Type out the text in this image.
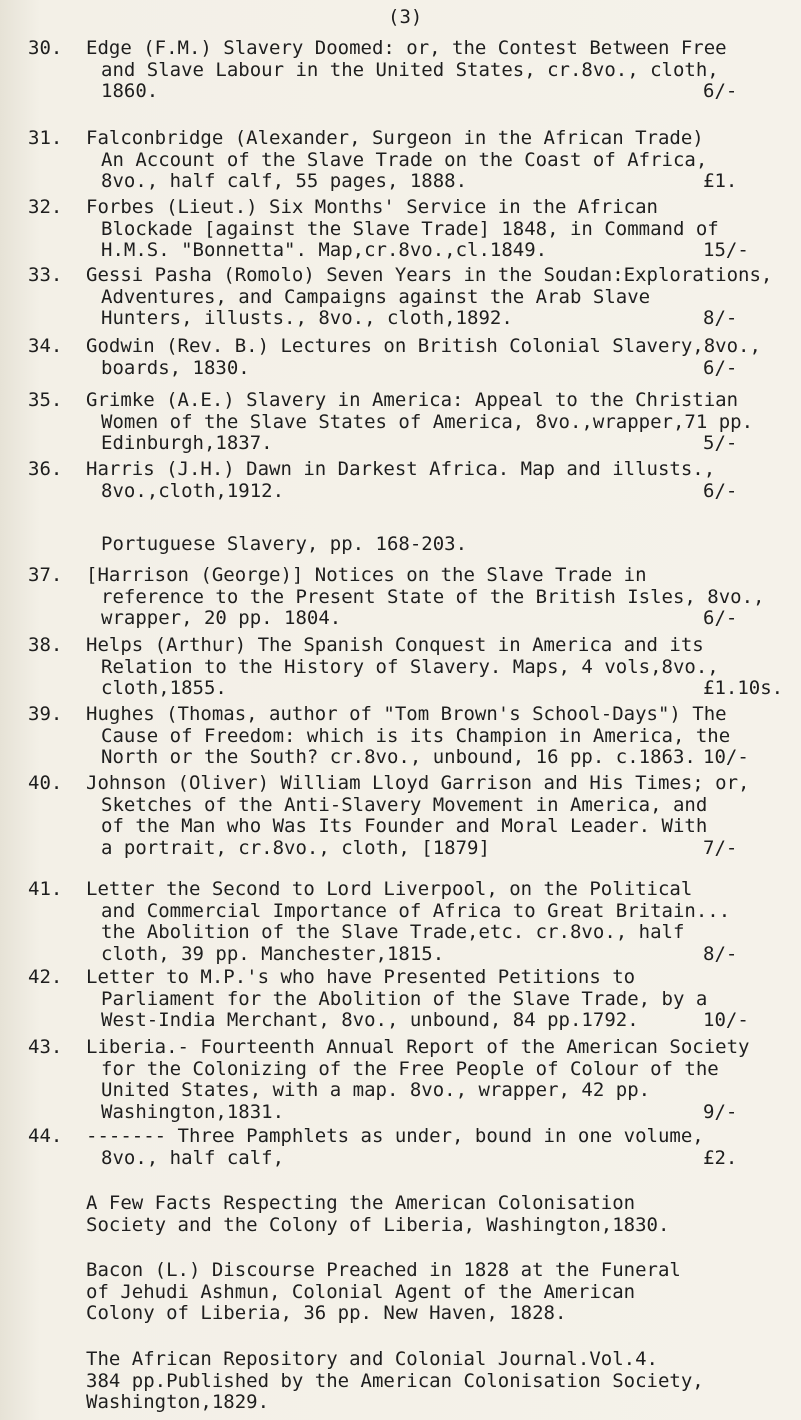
(3)
30. Edge (F.M.) Slavery Doomed: or, the Contest Between Free
and Slave Labour in the United States, cr.8vo., cloth,
1860.	6/-
31. Falconbridge (Alexander, Surgeon in the African Trade)
An Account of the Slave Trade on the Coast of Africa,
8vo., half calf, 55 pages, 1888.	£1.
32. Forbes (Lieut.) Six Months' Service in the African
Blockade [against the Slave Trade] 1848, in Command of
H.M.S. "Bonnetta". Map,cr.8vo.,cl.1849.	15/-
33. Gessi Pasha (Romolo) Seven Years in the Soudan:Explorations,
Adventures, and Campaigns against the Arab Slave
Hunters, illusts., 8vo., cloth,1892.	8/-
34. Godwin (Rev. B.) Lectures on British Colonial Slavery,8vo.,
boards, 1830.	6/-
35. Grimke (A.E.) Slavery in America: Appeal to the Christian
Women of the Slave States of America, 8vo.,wrapper,71 pp.
Edinburgh,1837.	5/-
36. Harris (J.H.) Dawn in Darkest Africa. Map and illusts.,
8vo.,cloth,1912.	6/-
Portuguese Slavery, pp. 168-203.
37. [Harrison (George)] Notices on the Slave Trade in
reference to the Present State of the British Isles, 8vo.,
wrapper, 20 pp. 1804.	6/-
38. Helps (Arthur) The Spanish Conquest in America and its
Relation to the History of Slavery. Maps, 4 vols,8vo.,
cloth,1855.	£1.10s.
39. Hughes (Thomas, author of "Tom Brown's School-Days") The
Cause of Freedom: which is its Champion in America, the
North or the South? cr.8vo., unbound, 16 pp. c.1863. 10/-
40. Johnson (Oliver) William Lloyd Garrison and His Times; or,
Sketches of the Anti-Slavery Movement in America, and
of the Man who Was Its Founder and Moral Leader. With
a portrait, cr.8vo., cloth, [1879]	7/-
41. Letter the Second to Lord Liverpool, on the Political
and Commercial Importance of Africa to Great Britain...
the Abolition of the Slave Trade,etc. cr.8vo., half
cloth, 39 pp. Manchester,1815.	8/-
42. Letter to M.P.'s who have Presented Petitions to
Parliament for the Abolition of the Slave Trade, by a
West-India Merchant, 8vo., unbound, 84 pp.1792.	10/-
43. Liberia.- Fourteenth Annual Report of the American Society
for the Colonizing of the Free People of Colour of the
United States, with a map. 8vo., wrapper, 42 pp.
Washington,1831.	9/-
44. ------- Three Pamphlets as under, bound in one volume,
8vo., half calf,	£2.
A Few Facts Respecting the American Colonisation
Society and the Colony of Liberia, Washington,1830.
Bacon (L.) Discourse Preached in 1828 at the Funeral
of Jehudi Ashmun, Colonial Agent of the American
Colony of Liberia, 36 pp. New Haven, 1828.
The African Repository and Colonial Journal.Vol.4.
384 pp.Published by the American Colonisation Society,
Washington,1829.
